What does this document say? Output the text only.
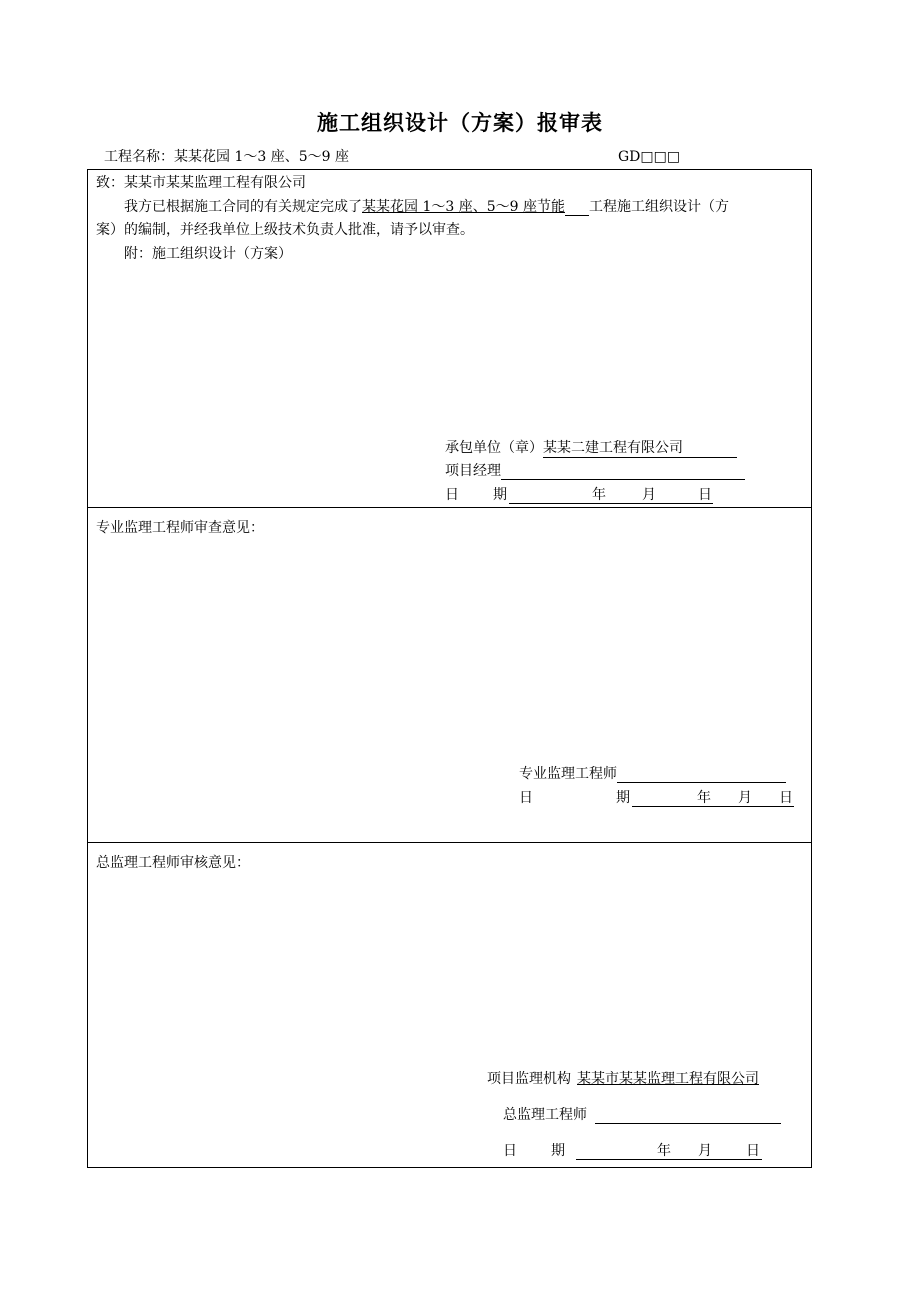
施工组织设计（方案）报审表
工程名称：某某花园 1～3 座、5～9 座	GD□□□
致：某某市某某监理工程有限公司
我方已根据施工合同的有关规定完成了某某花园 1～3 座、5～9 座节能 工程施工组织设计（方
案）的编制，并经我单位上级技术负责人批准，请予以审查。
附：施工组织设计（方案）
承包单位（章）某某二建工程有限公司
项目经理
日 期	年	月	日
专业监理工程师审查意见：
专业监理工程师
日	期	年 月 日
总监理工程师审核意见：
项目监理机构 某某市某某监理工程有限公司
总监理工程师
日 期	年 月 日
